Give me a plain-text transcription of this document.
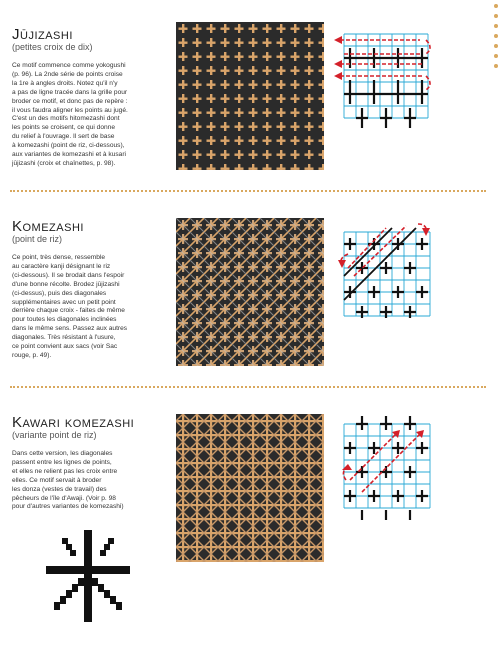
Jūjizashi
(petites croix de dix)
Ce motif commence comme yokogushi
(p. 96). La 2nde série de points croise
la 1re à angles droits. Notez qu'il n'y
a pas de ligne tracée dans la grille pour
broder ce motif, et donc pas de repère :
il vous faudra aligner les points au jugé.
C'est un des motifs hitomezashi dont
les points se croisent, ce qui donne
du relief à l'ouvrage. Il sert de base
à komezashi (point de riz, ci-dessous),
aux variantes de komezashi et à kusari
jūjizashi (croix et chaînettes, p. 98).
Komezashi
(point de riz)
Ce point, très dense, ressemble
au caractère kanji désignant le riz
(ci-dessous). Il se brodait dans l'espoir
d'une bonne récolte. Brodez jūjizashi
(ci-dessus), puis des diagonales
supplémentaires avec un petit point
derrière chaque croix - faites de même
pour toutes les diagonales inclinées
dans le même sens. Passez aux autres
diagonales. Très résistant à l'usure,
ce point convient aux sacs (voir Sac
rouge, p. 49).
Kawari komezashi
(variante point de riz)
Dans cette version, les diagonales
passent entre les lignes de points,
et elles ne relient pas les croix entre
elles. Ce motif servait à broder
les donza (vestes de travail) des
pêcheurs de l'île d'Awaji. (Voir p. 98
pour d'autres variantes de komezashi)
